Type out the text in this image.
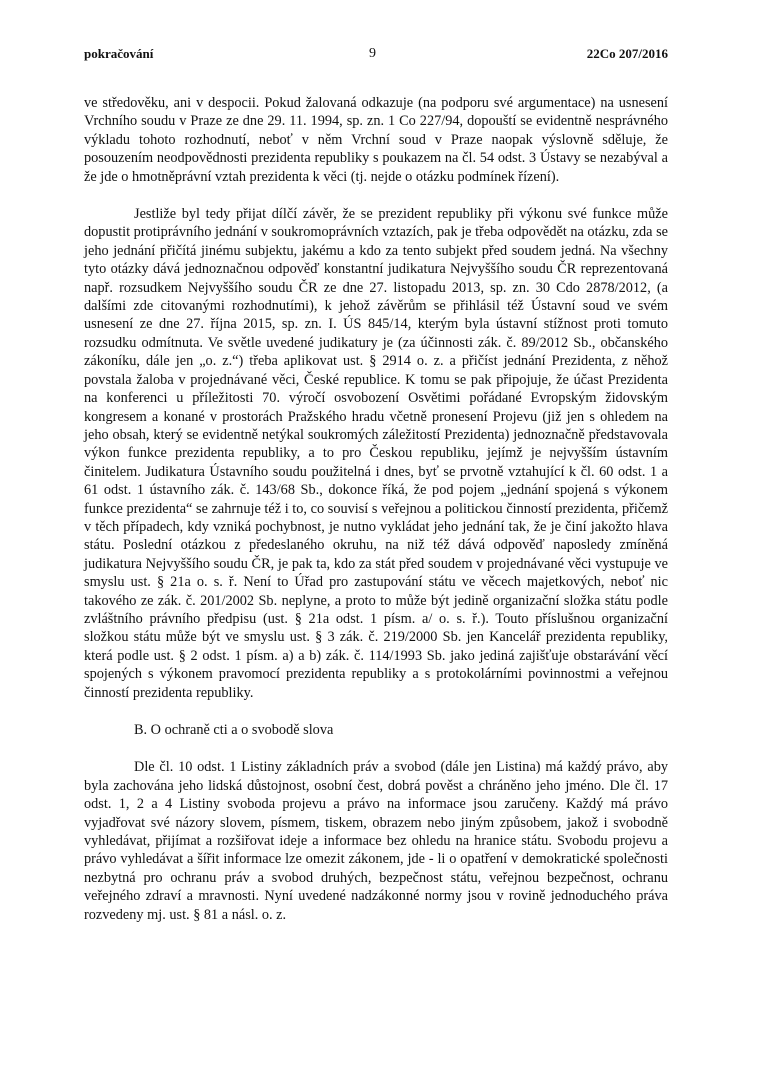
pokračování	9	22Co 207/2016

ve středověku, ani v despocii. Pokud žalovaná odkazuje (na podporu své argumentace) na usnesení Vrchního soudu v Praze ze dne 29. 11. 1994, sp. zn. 1 Co 227/94, dopouští se evidentně nesprávného výkladu tohoto rozhodnutí, neboť v něm Vrchní soud v Praze naopak výslovně sděluje, že posouzením neodpovědnosti prezidenta republiky s poukazem na čl. 54 odst. 3 Ústavy se nezabýval a že jde o hmotněprávní vztah prezidenta k věci (tj. nejde o otázku podmínek řízení).

Jestliže byl tedy přijat dílčí závěr, že se prezident republiky při výkonu své funkce může dopustit protiprávního jednání v soukromoprávních vztazích, pak je třeba odpovědět na otázku, zda se jeho jednání přičítá jinému subjektu, jakému a kdo za tento subjekt před soudem jedná. Na všechny tyto otázky dává jednoznačnou odpověď konstantní judikatura Nejvyššího soudu ČR reprezentovaná např. rozsudkem Nejvyššího soudu ČR ze dne 27. listopadu 2013, sp. zn. 30 Cdo 2878/2012, (a dalšími zde citovanými rozhodnutími), k jehož závěrům se přihlásil též Ústavní soud ve svém usnesení ze dne 27. října 2015, sp. zn. I. ÚS 845/14, kterým byla ústavní stížnost proti tomuto rozsudku odmítnuta. Ve světle uvedené judikatury je (za účinnosti zák. č. 89/2012 Sb., občanského zákoníku, dále jen „o. z.“) třeba aplikovat ust. § 2914 o. z. a přičíst jednání Prezidenta, z něhož povstala žaloba v projednávané věci, České republice. K tomu se pak připojuje, že účast Prezidenta na konferenci u příležitosti 70. výročí osvobození Osvětimi pořádané Evropským židovským kongresem a konané v prostorách Pražského hradu včetně pronesení Projevu (již jen s ohledem na jeho obsah, který se evidentně netýkal soukromých záležitostí Prezidenta) jednoznačně představovala výkon funkce prezidenta republiky, a to pro Českou republiku, jejímž je nejvyšším ústavním činitelem. Judikatura Ústavního soudu použitelná i dnes, byť se prvotně vztahující k čl. 60 odst. 1 a 61 odst. 1 ústavního zák. č. 143/68 Sb., dokonce říká, že pod pojem „jednání spojená s výkonem funkce prezidenta“ se zahrnuje též i to, co souvisí s veřejnou a politickou činností prezidenta, přičemž v těch případech, kdy vzniká pochybnost, je nutno vykládat jeho jednání tak, že je činí jakožto hlava státu. Poslední otázkou z předeslaného okruhu, na niž též dává odpověď naposledy zmíněná judikatura Nejvyššího soudu ČR, je pak ta, kdo za stát před soudem v projednávané věci vystupuje ve smyslu ust. § 21a o. s. ř. Není to Úřad pro zastupování státu ve věcech majetkových, neboť nic takového ze zák. č. 201/2002 Sb. neplyne, a proto to může být jedině organizační složka státu podle zvláštního právního předpisu (ust. § 21a odst. 1 písm. a/ o. s. ř.). Touto příslušnou organizační složkou státu může být ve smyslu ust. § 3 zák. č. 219/2000 Sb. jen Kancelář prezidenta republiky, která podle ust. § 2 odst. 1 písm. a) a b) zák. č. 114/1993 Sb. jako jediná zajišťuje obstarávání věcí spojených s výkonem pravomocí prezidenta republiky a s protokolárními povinnostmi a veřejnou činností prezidenta republiky.

B. O ochraně cti a o svobodě slova

Dle čl. 10 odst. 1 Listiny základních práv a svobod (dále jen Listina) má každý právo, aby byla zachována jeho lidská důstojnost, osobní čest, dobrá pověst a chráněno jeho jméno. Dle čl. 17 odst. 1, 2 a 4 Listiny svoboda projevu a právo na informace jsou zaručeny. Každý má právo vyjadřovat své názory slovem, písmem, tiskem, obrazem nebo jiným způsobem, jakož i svobodně vyhledávat, přijímat a rozšiřovat ideje a informace bez ohledu na hranice státu. Svobodu projevu a právo vyhledávat a šířit informace lze omezit zákonem, jde - li o opatření v demokratické společnosti nezbytná pro ochranu práv a svobod druhých, bezpečnost státu, veřejnou bezpečnost, ochranu veřejného zdraví a mravnosti. Nyní uvedené nadzákonné normy jsou v rovině jednoduchého práva rozvedeny mj. ust. § 81 a násl. o. z.
